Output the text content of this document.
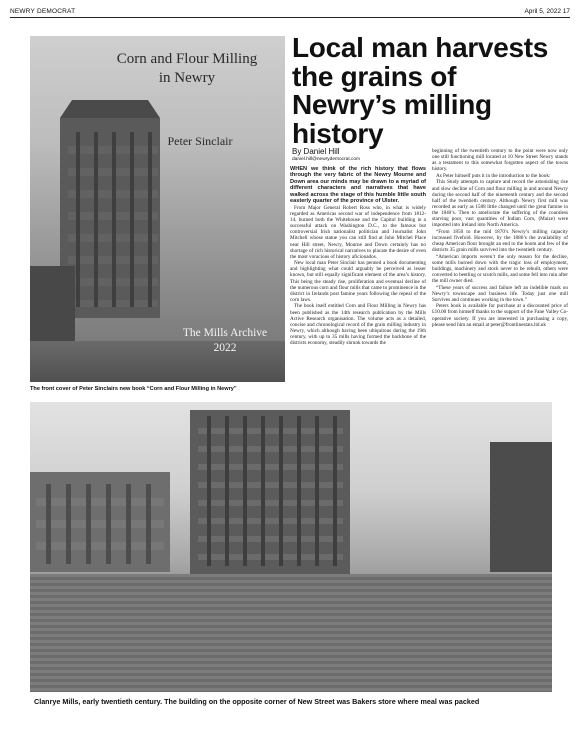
NEWRY DEMOCRAT	April 5, 2022 17
Corn and Flour Milling
in Newry
Peter Sinclair
The Mills Archive
2022
The front cover of Peter Sinclairs new book “Corn and Flour Milling in Newry”
Local man harvests the grains of Newry’s milling history
By Daniel Hill
daniel.hill@newrydemocrat.com

WHEN we think of the rich history that flows through the very fabric of the Newry Mourne and Down area our minds may be drawn to a myriad of different characters and narratives that have walked across the stage of this humble little south easterly quarter of the province of Ulster.

From Major General Robert Ross who, in what is widely regarded as Americas second war of independence from 1812-14, burned both the Whitehouse and the Capitol building in a successful attack on Washington D.C., to the famous but controversial Irish nationalist politician and Journalist John Mitchell whose statue you can still find at John Mitchel Place near Hill street, Newry, Mourne and Down certainly has no shortage of rich historical narratives to placate the desire of even the most voracious of history aficionados.

New local man Peter Sinclair has penned a book documenting and highlighting what could arguably be perceived as lesser known, but still equally significant element of the area’s history. This being the steady rise, proliferation and eventual decline of the numerous corn and flour mills that came to prominence in the district in Irelands post famine years following the repeal of the corn laws.

The book itself entitled Corn and Flour Milling in Newry has been published as the 14th research publication by the Mills Active Research organisation. The volume acts as a detailed, concise and chronological record of the grain milling industry in Newry, which although having been ubiquitous during the 19th century, with up to 35 mills having formed the backbone of the districts economy, steadily shrunk towards the

beginning of the twentieth century to the point were now only one still functioning mill located at 10 New Street Newry stands as a testament to this somewhat forgotten aspect of the towns history.

As Peter himself puts it in the introduction to the book:

This Study attempts to capture and record the astonishing rise and slow decline of Corn and flour milling in and around Newry during the second half of the nineteenth century and the second half of the twentieth century. Although Newry first mill was recorded as early as 1588 little changed until the great famine in the 1840’s. Then to ameliorate the suffering of the countless starving poor, vast quantities of Indian Corn, (Maize) were imported into Ireland into North America.

“From 1850 to the mid 1870’s Newry’s milling capacity increased fivefold. However, by the 1880’s the availability of cheap American flour brought an end to the boom and few of the districts 35 grain mills survived into the twentieth century.

“American imports weren’t the only reason for the decline, some mills burned down with the tragic loss of employment, buildings, machinery and stock never to be rebuilt, others were converted to beetling or scutch mills, and some fell into ruin after the mill owner died.

“These years of success and failure left an indelible mark on Newry’s townscape and business life. Today just one mill Survives and continues working in the town.”

Peters book is available for purchase at a discounted price of £10.00 from himself thanks to the support of the Fane Valley Co-operative society. If you are interested in purchasing a copy, please send him an email at peter@frontlinestats.ltd.uk

Clanrye Mills, early twentieth century. The building on the opposite corner of New Street was Bakers store where meal was packed
